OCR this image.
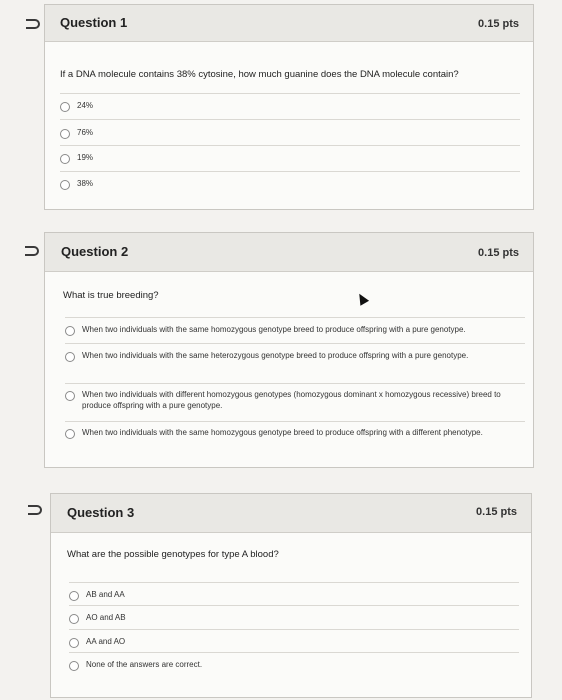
Question 1	0.15 pts
If a DNA molecule contains 38% cytosine, how much guanine does the DNA molecule contain?
24%
76%
19%
38%
Question 2	0.15 pts
What is true breeding?
When two individuals with the same homozygous genotype breed to produce offspring with a pure genotype.
When two individuals with the same heterozygous genotype breed to produce offspring with a pure genotype.
When two individuals with different homozygous genotypes (homozygous dominant x homozygous recessive) breed to produce offspring with a pure genotype.
When two individuals with the same homozygous genotype breed to produce offspring with a different phenotype.
Question 3	0.15 pts
What are the possible genotypes for type A blood?
AB and AA
AO and AB
AA and AO
None of the answers are correct.
